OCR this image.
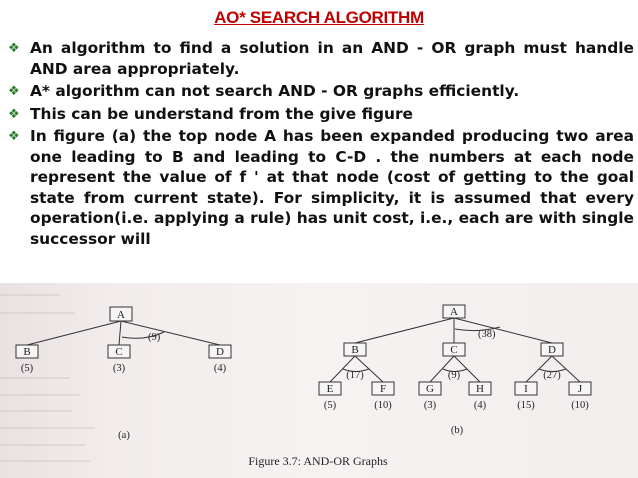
AO* SEARCH ALGORITHM
❖ An algorithm to find a solution in an AND - OR graph must handle AND area appropriately.
❖ A* algorithm can not search AND - OR graphs efficiently.
❖ This can be understand from the give figure
❖ In figure (a) the top node A has been expanded producing two area one leading to B and leading to C-D . the numbers at each node represent the value of f ' at that node (cost of getting to the goal state from current state). For simplicity, it is assumed that every operation(i.e. applying a rule) has unit cost, i.e., each are with single successor will
A
(9)
B	C	D
(5)	(3)	(4)
(a)
A
(38)
B	C	D
(17)	(9)	(27)
E	F	G	H	I	J
(5)	(10)	(3)	(4)	(15)	(10)
(b)
Figure 3.7: AND-OR Graphs
